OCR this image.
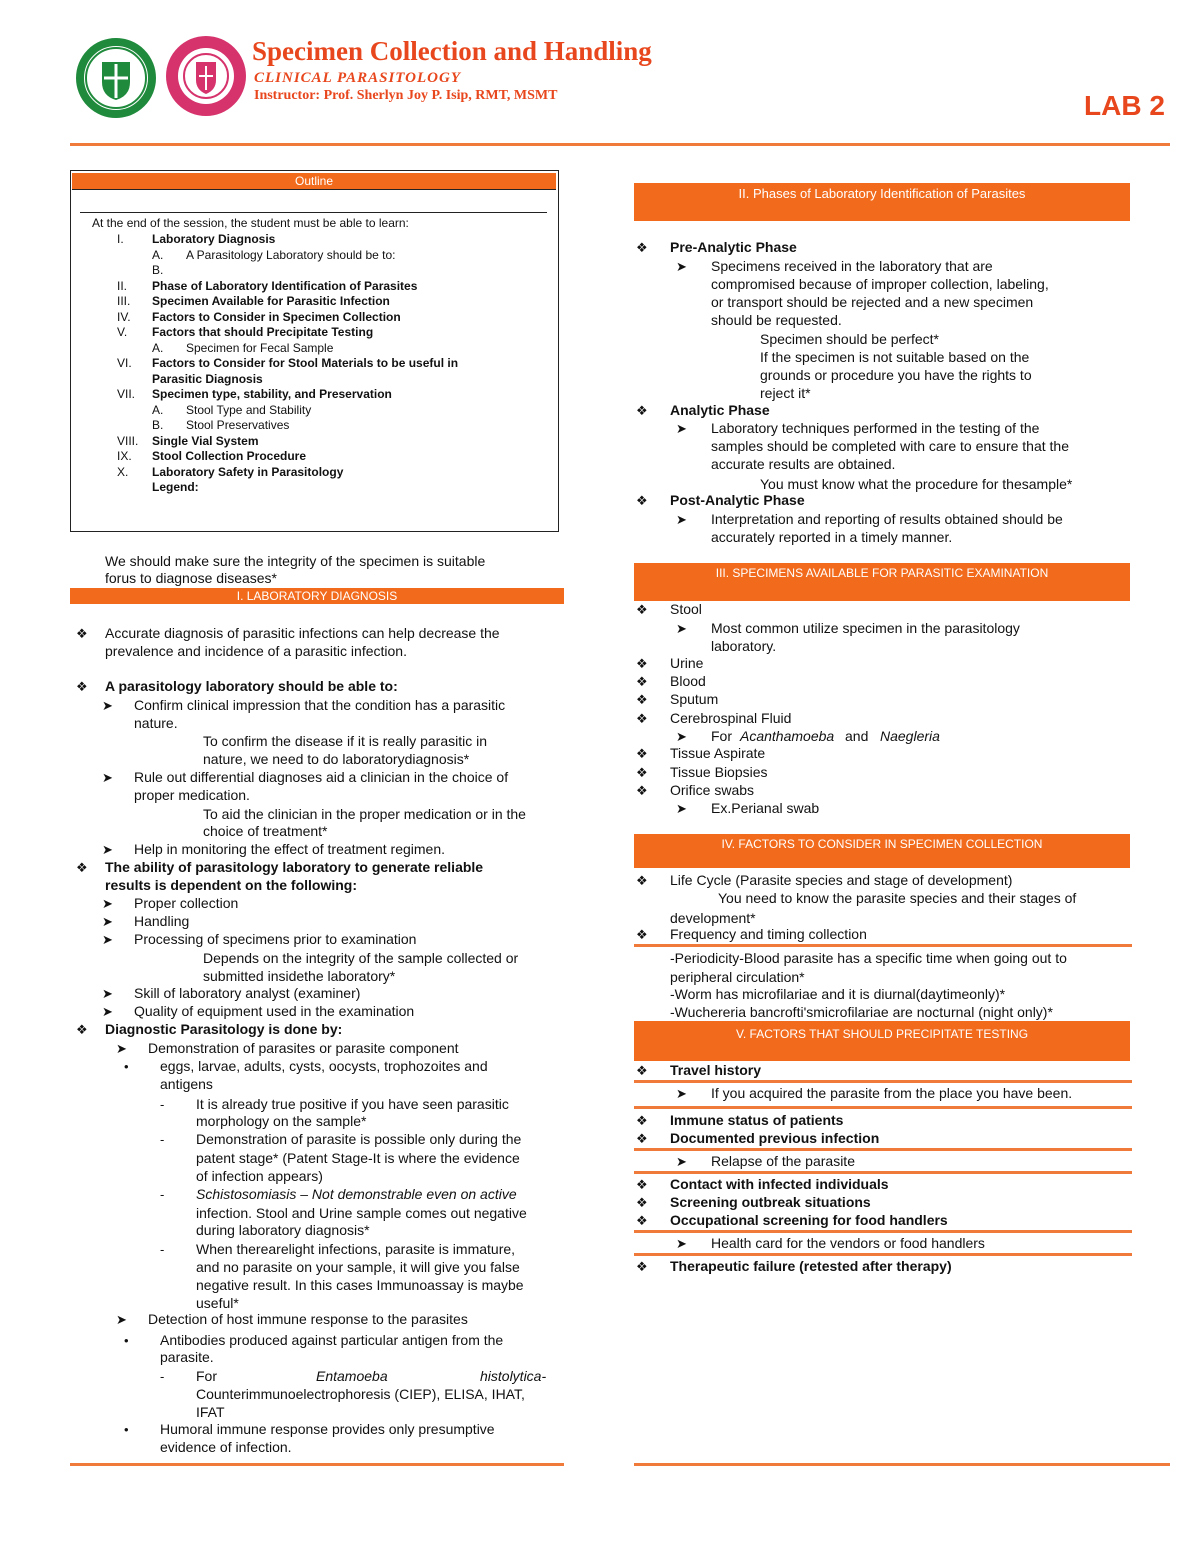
Specimen Collection and Handling
CLINICAL PARASITOLOGY
Instructor: Prof. Sherlyn Joy P. Isip, RMT, MSMT	LAB 2
Outline
At the end of the session, the student must be able to learn:
I. Laboratory Diagnosis
A. A Parasitology Laboratory should be to:
B.
II. Phase of Laboratory Identification of Parasites
III. Specimen Available for Parasitic Infection
IV. Factors to Consider in Specimen Collection
V. Factors that should Precipitate Testing
A. Specimen for Fecal Sample
VI. Factors to Consider for Stool Materials to be useful in
Parasitic Diagnosis
VII. Specimen type, stability, and Preservation
A. Stool Type and Stability
B. Stool Preservatives
VIII. Single Vial System
IX. Stool Collection Procedure
X. Laboratory Safety in Parasitology
Legend:
We should make sure the integrity of the specimen is suitable
forus to diagnose diseases*
I. LABORATORY DIAGNOSIS
❖ Accurate diagnosis of parasitic infections can help decrease the
prevalence and incidence of a parasitic infection.
❖ A parasitology laboratory should be able to:
➤ Confirm clinical impression that the condition has a parasitic
nature.
To confirm the disease if it is really parasitic in
nature, we need to do laboratorydiagnosis*
➤ Rule out differential diagnoses aid a clinician in the choice of
proper medication.
To aid the clinician in the proper medication or in the
choice of treatment*
➤ Help in monitoring the effect of treatment regimen.
❖ The ability of parasitology laboratory to generate reliable
results is dependent on the following:
➤ Proper collection
➤ Handling
➤ Processing of specimens prior to examination
Depends on the integrity of the sample collected or
submitted insidethe laboratory*
➤ Skill of laboratory analyst (examiner)
➤ Quality of equipment used in the examination
❖ Diagnostic Parasitology is done by:
➤ Demonstration of parasites or parasite component
• eggs, larvae, adults, cysts, oocysts, trophozoites and
antigens
- It is already true positive if you have seen parasitic
morphology on the sample*
- Demonstration of parasite is possible only during the
patent stage* (Patent Stage-It is where the evidence
of infection appears)
- Schistosomiasis – Not demonstrable even on active
infection. Stool and Urine sample comes out negative
during laboratory diagnosis*
- When therearelight infections, parasite is immature,
and no parasite on your sample, it will give you false
negative result. In this cases Immunoassay is maybe
useful*
➤ Detection of host immune response to the parasites
• Antibodies produced against particular antigen from the
parasite.
- For	Entamoeba	histolytica-
Counterimmunoelectrophoresis (CIEP), ELISA, IHAT,
IFAT
• Humoral immune response provides only presumptive
evidence of infection.
II. Phases of Laboratory Identification of Parasites
❖ Pre-Analytic Phase
➤ Specimens received in the laboratory that are
compromised because of improper collection, labeling,
or transport should be rejected and a new specimen
should be requested.
Specimen should be perfect*
If the specimen is not suitable based on the
grounds or procedure you have the rights to
reject it*
❖ Analytic Phase
➤ Laboratory techniques performed in the testing of the
samples should be completed with care to ensure that the
accurate results are obtained.
You must know what the procedure for thesample*
❖ Post-Analytic Phase
➤ Interpretation and reporting of results obtained should be
accurately reported in a timely manner.
III. SPECIMENS AVAILABLE FOR PARASITIC EXAMINATION
❖ Stool
➤ Most common utilize specimen in the parasitology
laboratory.
❖ Urine
❖ Blood
❖ Sputum
❖ Cerebrospinal Fluid
➤ For Acanthamoeba and Naegleria
❖ Tissue Aspirate
❖ Tissue Biopsies
❖ Orifice swabs
➤ Ex.Perianal swab
IV. FACTORS TO CONSIDER IN SPECIMEN COLLECTION
❖ Life Cycle (Parasite species and stage of development)
You need to know the parasite species and their stages of
development*
❖ Frequency and timing collection
-Periodicity-Blood parasite has a specific time when going out to
peripheral circulation*
-Worm has microfilariae and it is diurnal(daytimeonly)*
-Wuchereria bancrofti'smicrofilariae are nocturnal (night only)*
V. FACTORS THAT SHOULD PRECIPITATE TESTING
❖ Travel history
➤ If you acquired the parasite from the place you have been.
❖ Immune status of patients
❖ Documented previous infection
➤ Relapse of the parasite
❖ Contact with infected individuals
❖ Screening outbreak situations
❖ Occupational screening for food handlers
➤ Health card for the vendors or food handlers
❖ Therapeutic failure (retested after therapy)
